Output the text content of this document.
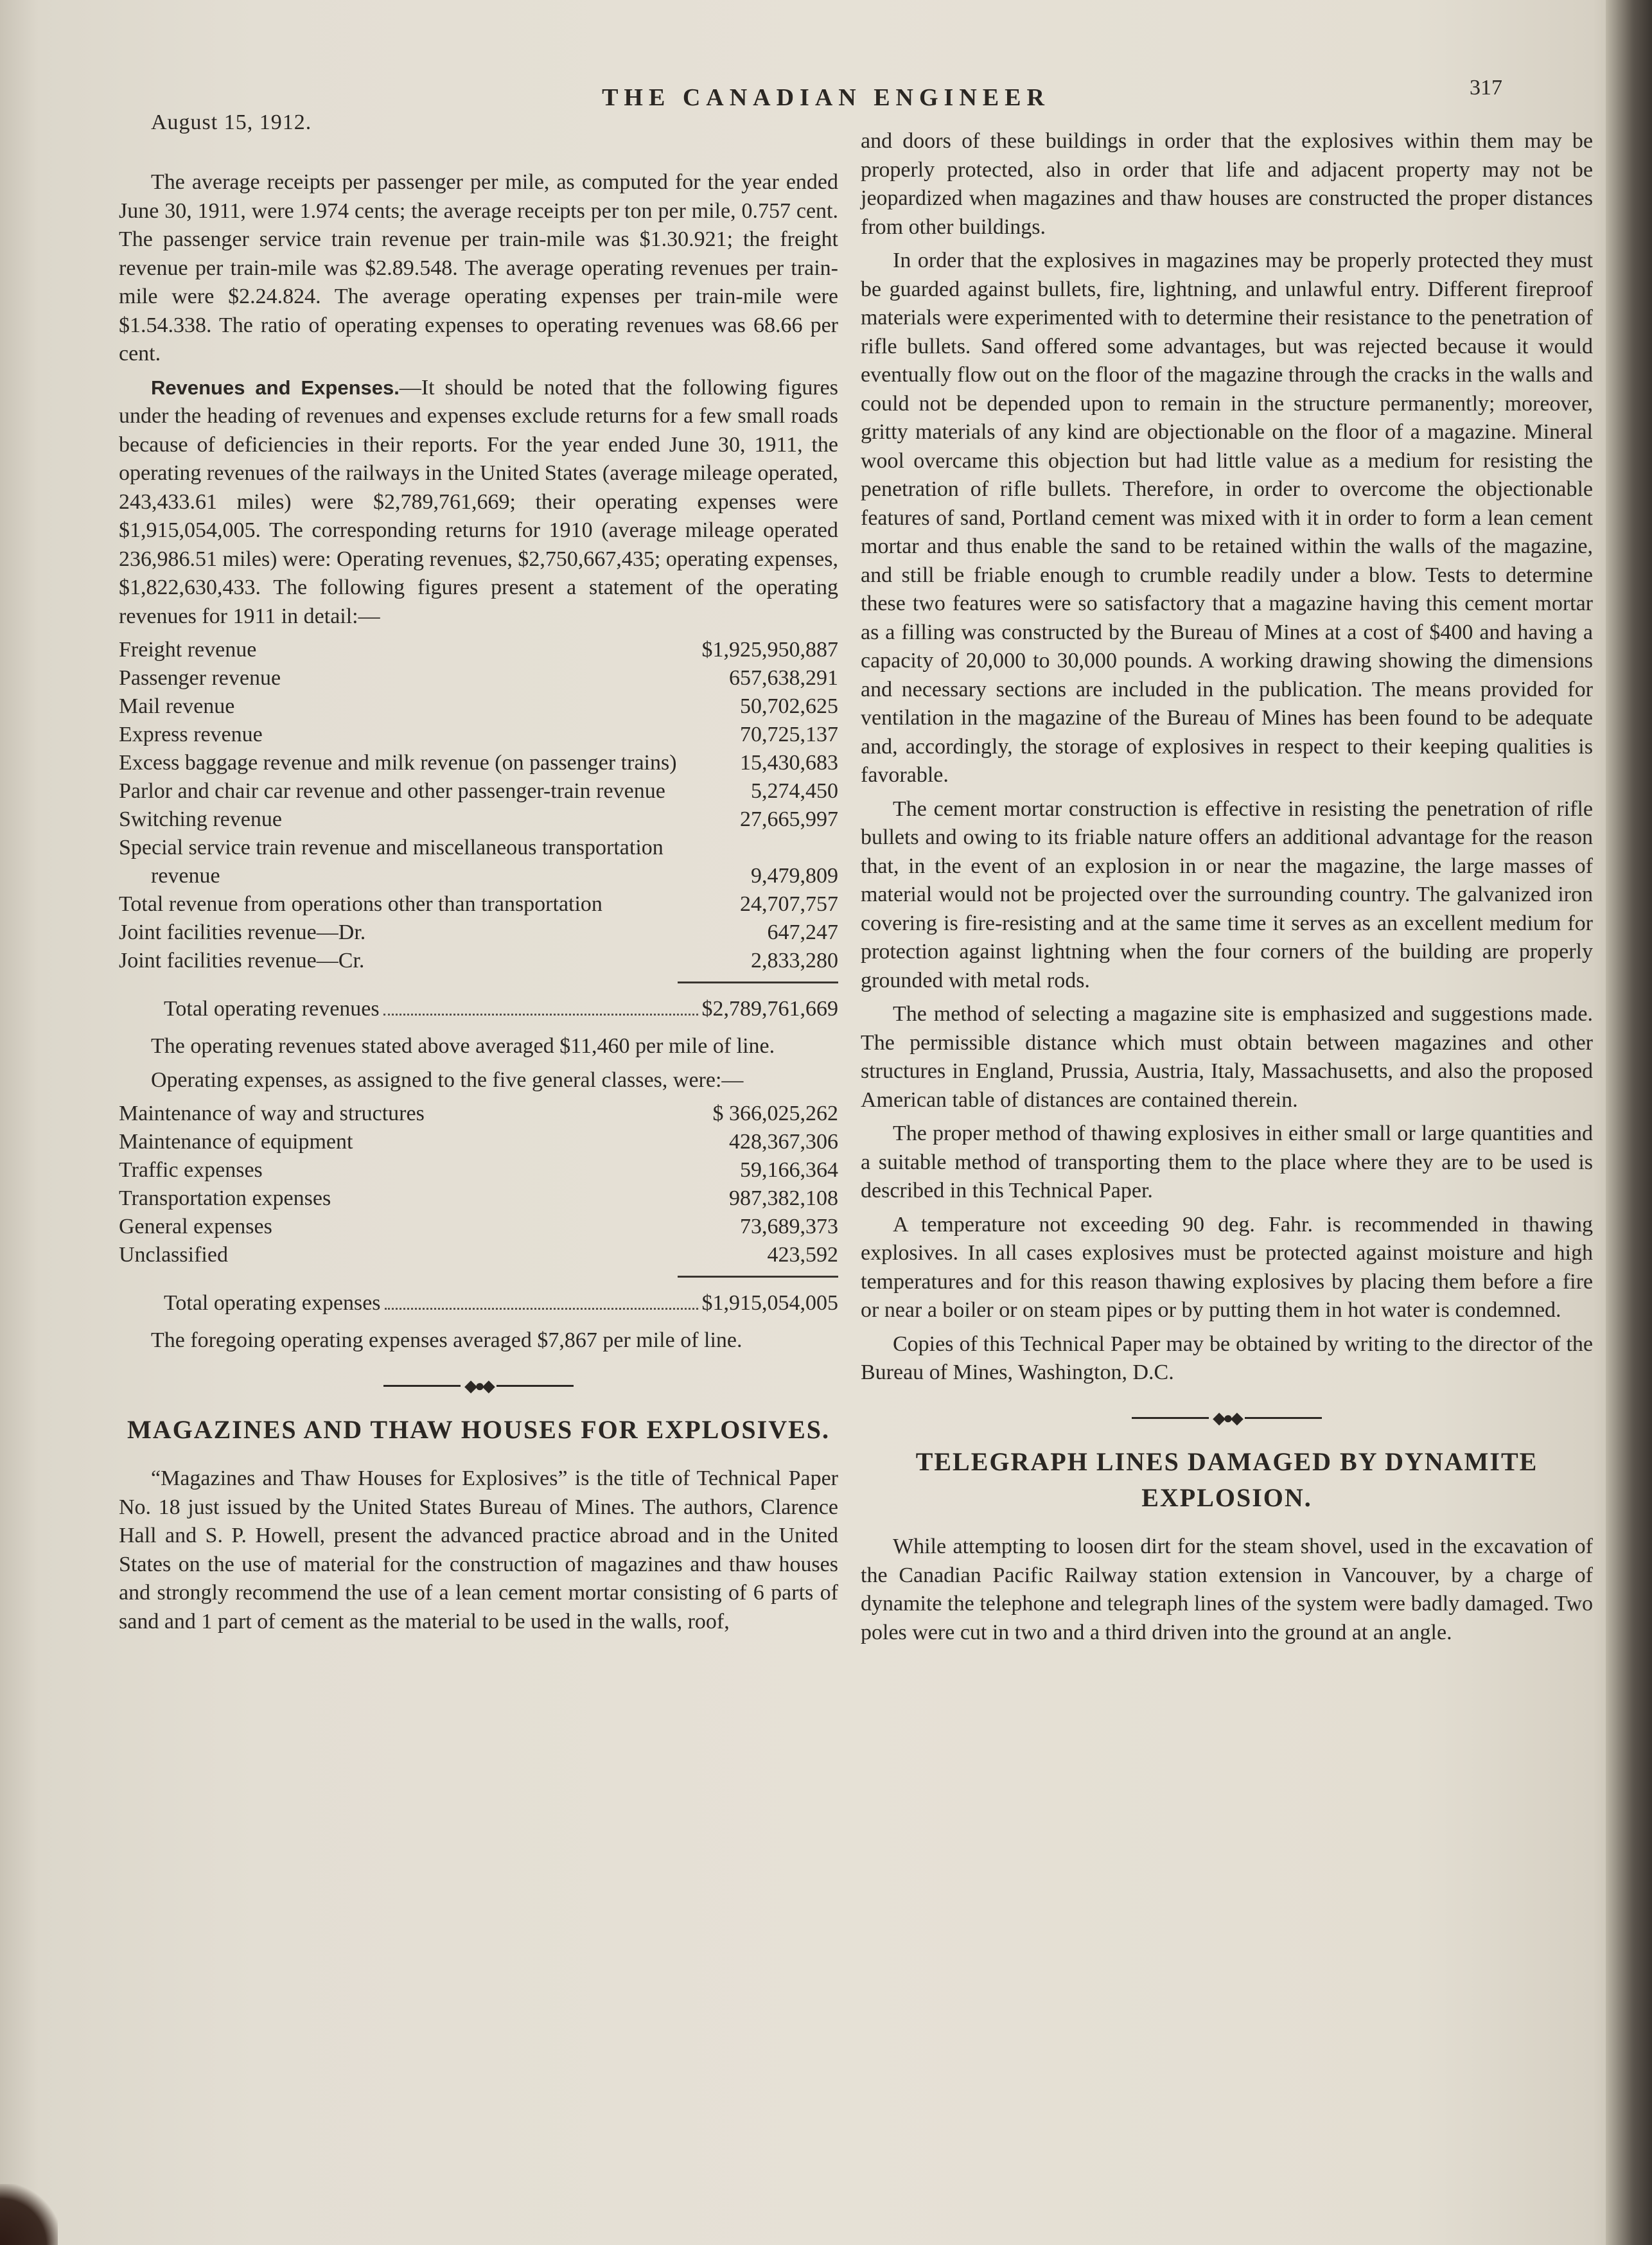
August 15, 1912.
THE CANADIAN ENGINEER	317

The average receipts per passenger per mile, as computed for the year ended June 30, 1911, were 1.974 cents; the average receipts per ton per mile, 0.757 cent. The passenger service train revenue per train-mile was $1.30.921; the freight revenue per train-mile was $2.89.548. The average operating revenues per train-mile were $2.24.824. The average operating expenses per train-mile were $1.54.338. The ratio of operating expenses to operating revenues was 68.66 per cent.

Revenues and Expenses.—It should be noted that the following figures under the heading of revenues and expenses exclude returns for a few small roads because of deficiencies in their reports. For the year ended June 30, 1911, the operating revenues of the railways in the United States (average mileage operated, 243,433.61 miles) were $2,789,761,669; their operating expenses were $1,915,054,005. The corresponding returns for 1910 (average mileage operated 236,986.51 miles) were: Operating revenues, $2,750,667,435; operating expenses, $1,822,630,433. The following figures present a statement of the operating revenues for 1911 in detail:—

Freight revenue	$1,925,950,887
Passenger revenue	657,638,291
Mail revenue	50,702,625
Express revenue	70,725,137
Excess baggage revenue and milk revenue (on passenger trains)	15,430,683
Parlor and chair car revenue and other passenger-train revenue	5,274,450
Switching revenue	27,665,997
Special service train revenue and miscellaneous transportation revenue	9,479,809
Total revenue from operations other than transportation	24,707,757
Joint facilities revenue—Dr.	647,247
Joint facilities revenue—Cr.	2,833,280
Total operating revenues	$2,789,761,669

The operating revenues stated above averaged $11,460 per mile of line.

Operating expenses, as assigned to the five general classes, were:—

Maintenance of way and structures	$ 366,025,262
Maintenance of equipment	428,367,306
Traffic expenses	59,166,364
Transportation expenses	987,382,108
General expenses	73,689,373
Unclassified	423,592
Total operating expenses	$1,915,054,005

The foregoing operating expenses averaged $7,867 per mile of line.

◆●◆
MAGAZINES AND THAW HOUSES FOR EXPLOSIVES.

“Magazines and Thaw Houses for Explosives” is the title of Technical Paper No. 18 just issued by the United States Bureau of Mines. The authors, Clarence Hall and S. P. Howell, present the advanced practice abroad and in the United States on the use of material for the construction of magazines and thaw houses and strongly recommend the use of a lean cement mortar consisting of 6 parts of sand and 1 part of cement as the material to be used in the walls, roof,

and doors of these buildings in order that the explosives within them may be properly protected, also in order that life and adjacent property may not be jeopardized when magazines and thaw houses are constructed the proper distances from other buildings.

In order that the explosives in magazines may be properly protected they must be guarded against bullets, fire, lightning, and unlawful entry. Different fireproof materials were experimented with to determine their resistance to the penetration of rifle bullets. Sand offered some advantages, but was rejected because it would eventually flow out on the floor of the magazine through the cracks in the walls and could not be depended upon to remain in the structure permanently; moreover, gritty materials of any kind are objectionable on the floor of a magazine. Mineral wool overcame this objection but had little value as a medium for resisting the penetration of rifle bullets. Therefore, in order to overcome the objectionable features of sand, Portland cement was mixed with it in order to form a lean cement mortar and thus enable the sand to be retained within the walls of the magazine, and still be friable enough to crumble readily under a blow. Tests to determine these two features were so satisfactory that a magazine having this cement mortar as a filling was constructed by the Bureau of Mines at a cost of $400 and having a capacity of 20,000 to 30,000 pounds. A working drawing showing the dimensions and necessary sections are included in the publication. The means provided for ventilation in the magazine of the Bureau of Mines has been found to be adequate and, accordingly, the storage of explosives in respect to their keeping qualities is favorable.

The cement mortar construction is effective in resisting the penetration of rifle bullets and owing to its friable nature offers an additional advantage for the reason that, in the event of an explosion in or near the magazine, the large masses of material would not be projected over the surrounding country. The galvanized iron covering is fire-resisting and at the same time it serves as an excellent medium for protection against lightning when the four corners of the building are properly grounded with metal rods.

The method of selecting a magazine site is emphasized and suggestions made. The permissible distance which must obtain between magazines and other structures in England, Prussia, Austria, Italy, Massachusetts, and also the proposed American table of distances are contained therein.

The proper method of thawing explosives in either small or large quantities and a suitable method of transporting them to the place where they are to be used is described in this Technical Paper.

A temperature not exceeding 90 deg. Fahr. is recommended in thawing explosives. In all cases explosives must be protected against moisture and high temperatures and for this reason thawing explosives by placing them before a fire or near a boiler or on steam pipes or by putting them in hot water is condemned.

Copies of this Technical Paper may be obtained by writing to the director of the Bureau of Mines, Washington, D.C.

◆●◆
TELEGRAPH LINES DAMAGED BY DYNAMITE EXPLOSION.

While attempting to loosen dirt for the steam shovel, used in the excavation of the Canadian Pacific Railway station extension in Vancouver, by a charge of dynamite the telephone and telegraph lines of the system were badly damaged. Two poles were cut in two and a third driven into the ground at an angle.
